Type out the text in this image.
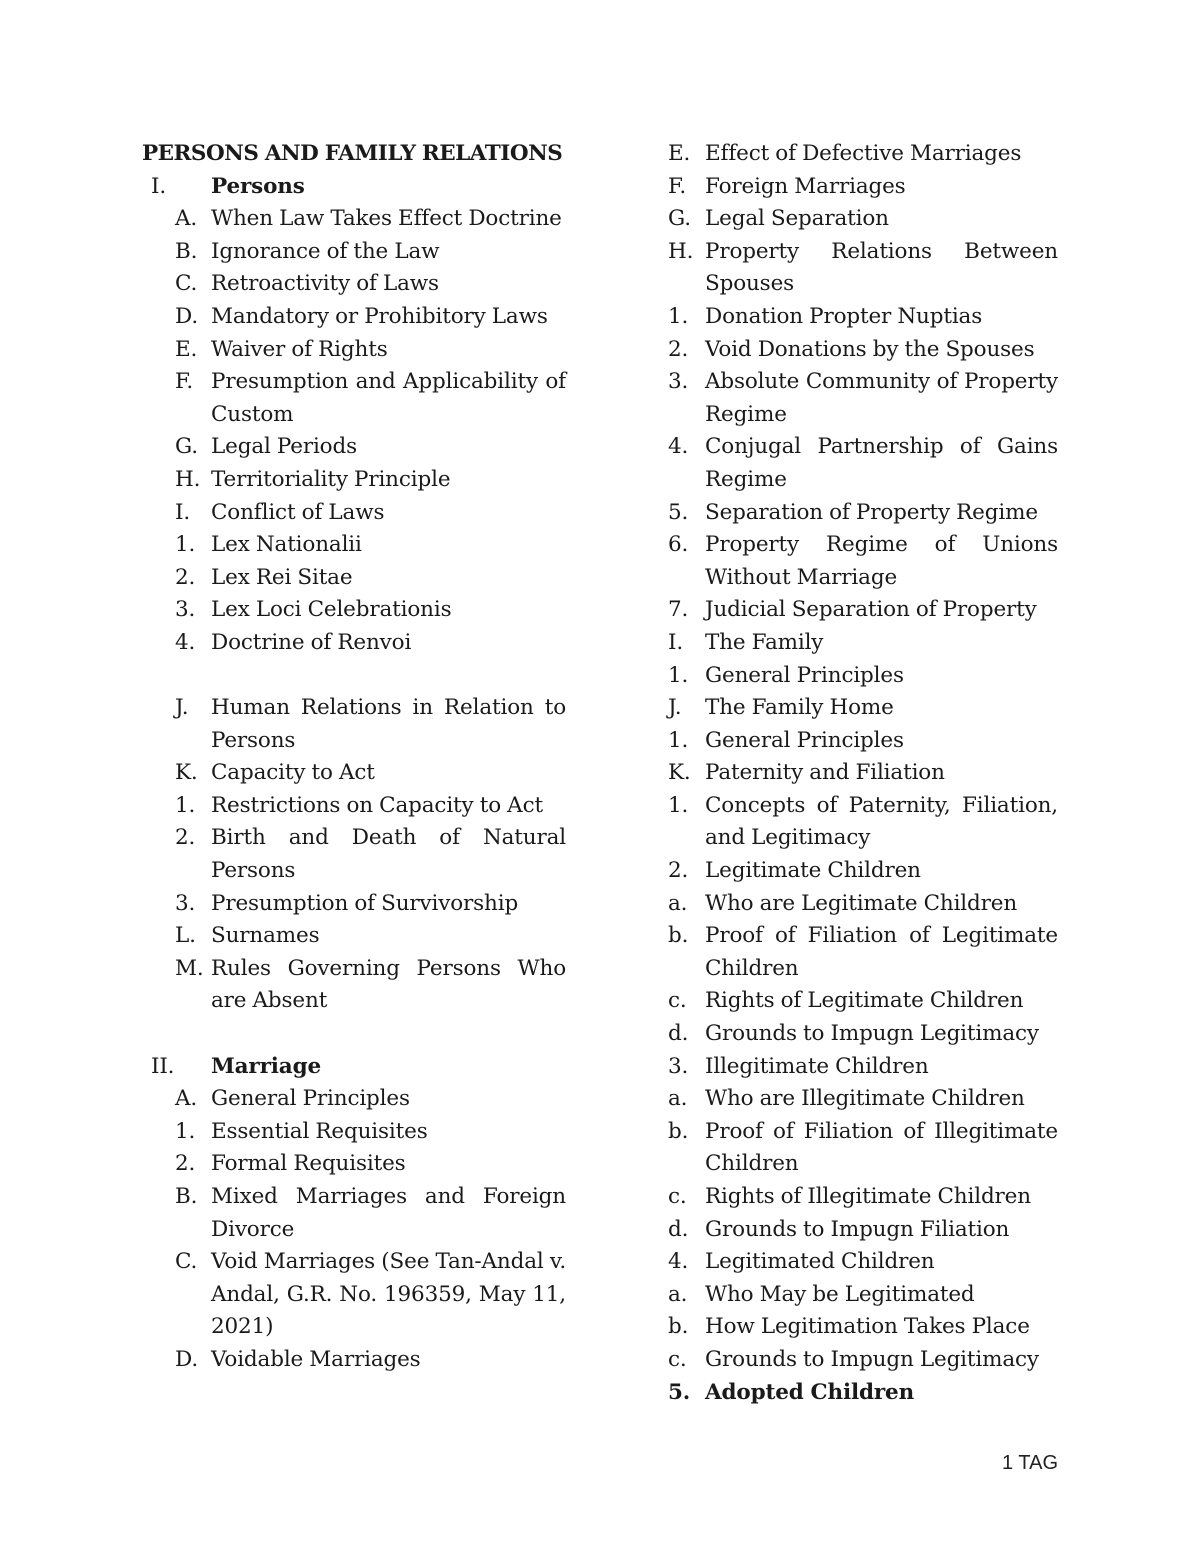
PERSONS AND FAMILY RELATIONS
I. Persons
A. When Law Takes Effect Doctrine
B. Ignorance of the Law
C. Retroactivity of Laws
D. Mandatory or Prohibitory Laws
E. Waiver of Rights
F. Presumption and Applicability of Custom
G. Legal Periods
H. Territoriality Principle
I. Conflict of Laws
1. Lex Nationalii
2. Lex Rei Sitae
3. Lex Loci Celebrationis
4. Doctrine of Renvoi
J. Human Relations in Relation to Persons
K. Capacity to Act
1. Restrictions on Capacity to Act
2. Birth and Death of Natural Persons
3. Presumption of Survivorship
L. Surnames
M. Rules Governing Persons Who are Absent
II. Marriage
A. General Principles
1. Essential Requisites
2. Formal Requisites
B. Mixed Marriages and Foreign Divorce
C. Void Marriages (See Tan-Andal v. Andal, G.R. No. 196359, May 11, 2021)
D. Voidable Marriages
E. Effect of Defective Marriages
F. Foreign Marriages
G. Legal Separation
H. Property Relations Between Spouses
1. Donation Propter Nuptias
2. Void Donations by the Spouses
3. Absolute Community of Property Regime
4. Conjugal Partnership of Gains Regime
5. Separation of Property Regime
6. Property Regime of Unions Without Marriage
7. Judicial Separation of Property
I. The Family
1. General Principles
J. The Family Home
1. General Principles
K. Paternity and Filiation
1. Concepts of Paternity, Filiation, and Legitimacy
2. Legitimate Children
a. Who are Legitimate Children
b. Proof of Filiation of Legitimate Children
c. Rights of Legitimate Children
d. Grounds to Impugn Legitimacy
3. Illegitimate Children
a. Who are Illegitimate Children
b. Proof of Filiation of Illegitimate Children
c. Rights of Illegitimate Children
d. Grounds to Impugn Filiation
4. Legitimated Children
a. Who May be Legitimated
b. How Legitimation Takes Place
c. Grounds to Impugn Legitimacy
5. Adopted Children
1 TAG
